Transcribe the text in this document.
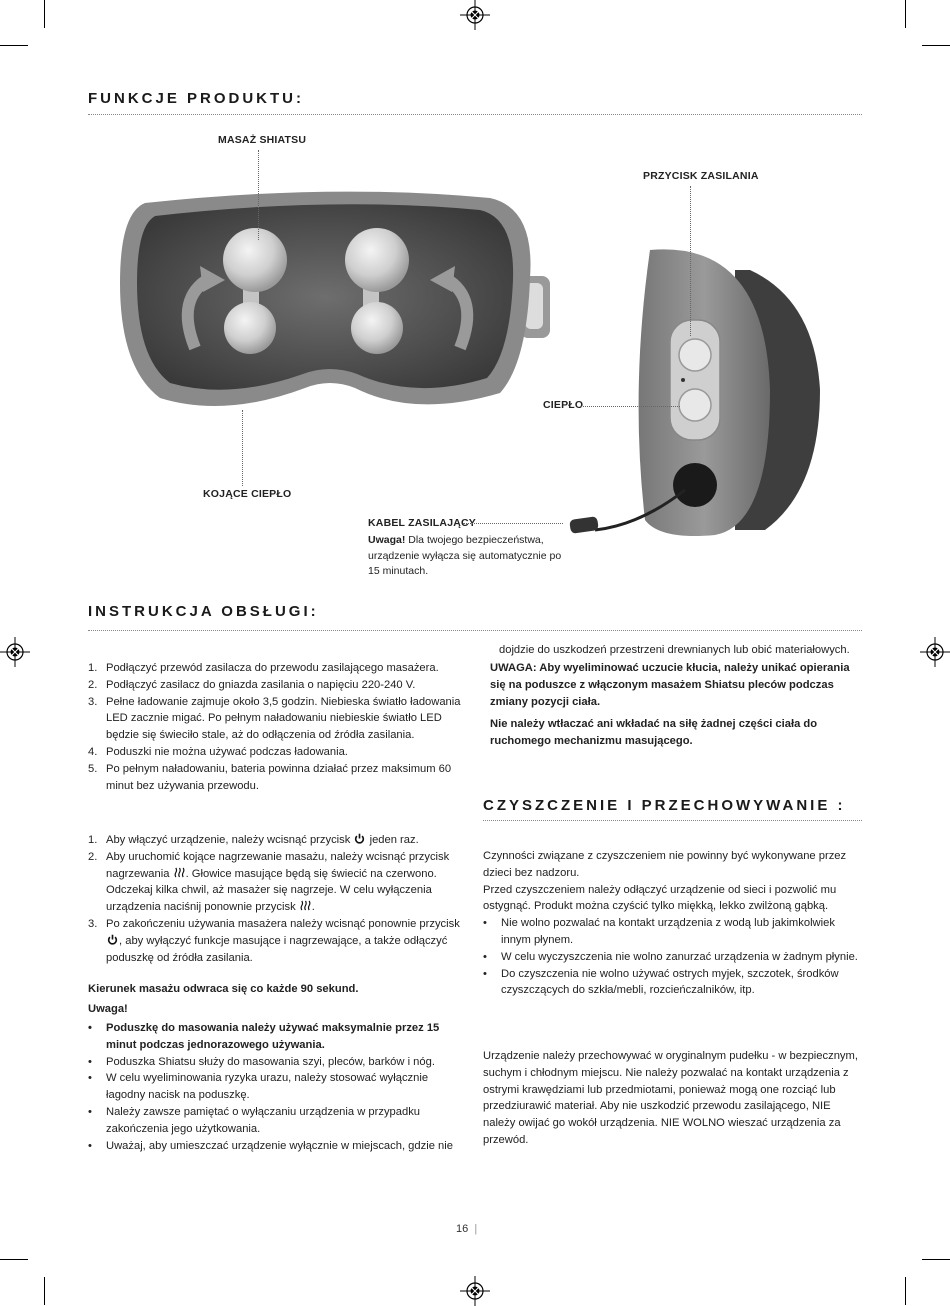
FUNKCJE PRODUKTU:
MASAŻ SHIATSU
PRZYCISK ZASILANIA
CIEPŁO
KOJĄCE CIEPŁO
KABEL ZASILAJĄCY
Uwaga! Dla twojego bezpieczeństwa, urządzenie wyłącza się automatycznie po 15 minutach.
INSTRUKCJA OBSŁUGI:
1. Podłączyć przewód zasilacza do przewodu zasilającego masażera.
2. Podłączyć zasilacz do gniazda zasilania o napięciu 220-240 V.
3. Pełne ładowanie zajmuje około 3,5 godzin. Niebieska światło ładowania LED zacznie migać. Po pełnym naładowaniu niebieskie światło LED będzie się świeciło stale, aż do odłączenia od źródła zasilania.
4. Poduszki nie można używać podczas ładowania.
5. Po pełnym naładowaniu, bateria powinna działać przez maksimum 60 minut bez używania przewodu.
1. Aby włączyć urządzenie, należy wcisnąć przycisk jeden raz.
2. Aby uruchomić kojące nagrzewanie masażu, należy wcisnąć przycisk nagrzewania . Głowice masujące będą się świecić na czerwono. Odczekaj kilka chwil, aż masażer się nagrzeje. W celu wyłączenia urządzenia naciśnij ponownie przycisk .
3. Po zakończeniu używania masażera należy wcisnąć ponownie przycisk , aby wyłączyć funkcje masujące i nagrzewające, a także odłączyć poduszkę od źródła zasilania.
Kierunek masażu odwraca się co każde 90 sekund.
Uwaga!
• Poduszkę do masowania należy używać maksymalnie przez 15 minut podczas jednorazowego używania.
• Poduszka Shiatsu służy do masowania szyi, pleców, barków i nóg.
• W celu wyeliminowania ryzyka urazu, należy stosować wyłącznie łagodny nacisk na poduszkę.
• Należy zawsze pamiętać o wyłączaniu urządzenia w przypadku zakończenia jego użytkowania.
• Uważaj, aby umieszczać urządzenie wyłącznie w miejscach, gdzie nie
dojdzie do uszkodzeń przestrzeni drewnianych lub obić materiałowych.
UWAGA: Aby wyeliminować uczucie kłucia, należy unikać opierania się na poduszce z włączonym masażem Shiatsu pleców podczas zmiany pozycji ciała.
Nie należy wtłaczać ani wkładać na siłę żadnej części ciała do ruchomego mechanizmu masującego.
CZYSZCZENIE I PRZECHOWYWANIE :

Czynności związane z czyszczeniem nie powinny być wykonywane przez dzieci bez nadzoru.

Przed czyszczeniem należy odłączyć urządzenie od sieci i pozwolić mu ostygnąć. Produkt można czyścić tylko miękką, lekko zwilżoną gąbką.

• Nie wolno pozwalać na kontakt urządzenia z wodą lub jakimkolwiek innym płynem.
• W celu wyczyszczenia nie wolno zanurzać urządzenia w żadnym płynie.
• Do czyszczenia nie wolno używać ostrych myjek, szczotek, środków czyszczących do szkła/mebli, rozcieńczalników, itp.
Urządzenie należy przechowywać w oryginalnym pudełku - w bezpiecznym, suchym i chłodnym miejscu. Nie należy pozwalać na kontakt urządzenia z ostrymi krawędziami lub przedmiotami, ponieważ mogą one rozciąć lub przedziurawić materiał. Aby nie uszkodzić przewodu zasilającego, NIE należy owijać go wokół urządzenia. NIE WOLNO wieszać urządzenia za przewód.
16 |
